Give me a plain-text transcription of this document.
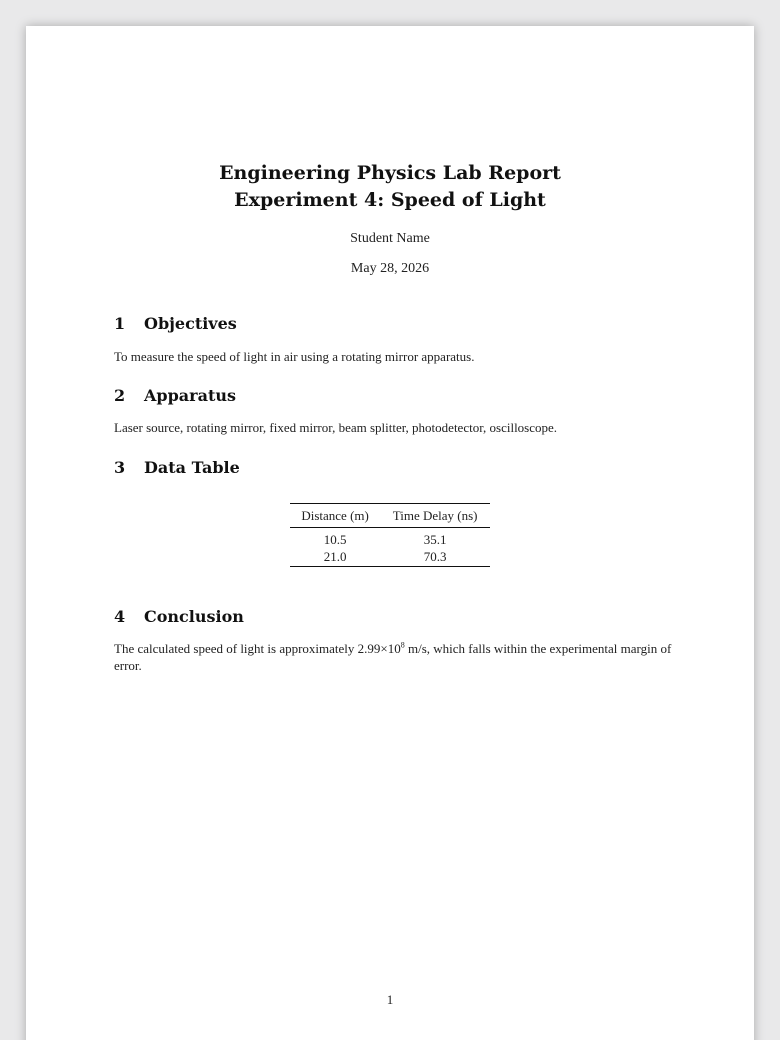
Engineering Physics Lab Report
Experiment 4: Speed of Light
Student Name
May 28, 2026
1 Objectives
To measure the speed of light in air using a rotating mirror apparatus.
2 Apparatus
Laser source, rotating mirror, fixed mirror, beam splitter, photodetector, oscilloscope.
3 Data Table
Distance (m)	Time Delay (ns)
10.5	35.1
21.0	70.3
4 Conclusion
The calculated speed of light is approximately $2.99\times 10^8$ m/s, which falls within the experimental margin of error.
1
